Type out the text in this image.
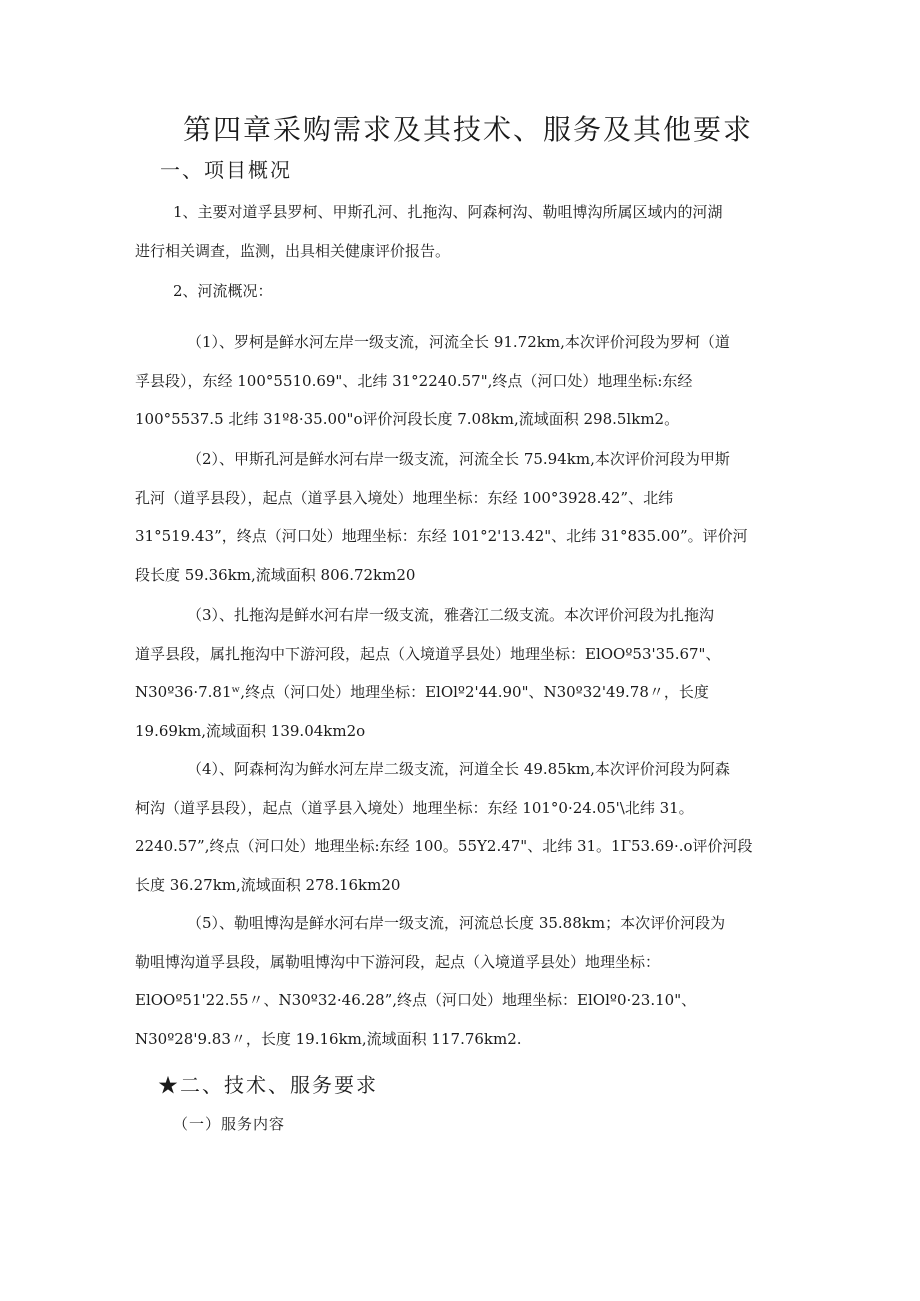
第四章采购需求及其技术、服务及其他要求
一、项目概况
1、主要对道孚县罗柯、甲斯孔河、扎拖沟、阿森柯沟、勒咀博沟所属区域内的河湖
进行相关调查，监测，出具相关健康评价报告。
2、河流概况：
（1）、罗柯是鲜水河左岸一级支流，河流全长 91.72km,本次评价河段为罗柯（道
孚县段），东经 100°5510.69"、北纬 31°2240.57",终点（河口处）地理坐标:东经
100°5537.5 北纬 31º8·35.00"o评价河段长度 7.08km,流域面积 298.5lkm2。
（2）、甲斯孔河是鲜水河右岸一级支流，河流全长 75.94km,本次评价河段为甲斯
孔河（道孚县段），起点（道孚县入境处）地理坐标：东经 100°3928.42”、北纬
31°519.43”，终点（河口处）地理坐标：东经 101°2'13.42"、北纬 31°835.00”。评价河
段长度 59.36km,流域面积 806.72km20
（3）、扎拖沟是鲜水河右岸一级支流，雅砻江二级支流。本次评价河段为扎拖沟
道孚县段，属扎拖沟中下游河段，起点（入境道孚县处）地理坐标：ElOOº53'35.67"、
N30º36·7.81ʷ,终点（河口处）地理坐标：ElOlº2'44.90"、N30º32'49.78〃，长度
19.69km,流域面积 139.04km2o
（4）、阿森柯沟为鲜水河左岸二级支流，河道全长 49.85km,本次评价河段为阿森
柯沟（道孚县段），起点（道孚县入境处）地理坐标：东经 101°0·24.05'\北纬 31。
2240.57”,终点（河口处）地理坐标:东经 100。55Y2.47"、北纬 31。1Γ53.69·.o评价河段
长度 36.27km,流域面积 278.16km20
（5）、勒咀博沟是鲜水河右岸一级支流，河流总长度 35.88km；本次评价河段为
勒咀博沟道孚县段，属勒咀博沟中下游河段，起点（入境道孚县处）地理坐标：
ElOOº51'22.55〃、N30º32·46.28”,终点（河口处）地理坐标：ElOlº0·23.10"、
N30º28'9.83〃，长度 19.16km,流域面积 117.76km2.
★二、技术、服务要求
（一）服务内容
